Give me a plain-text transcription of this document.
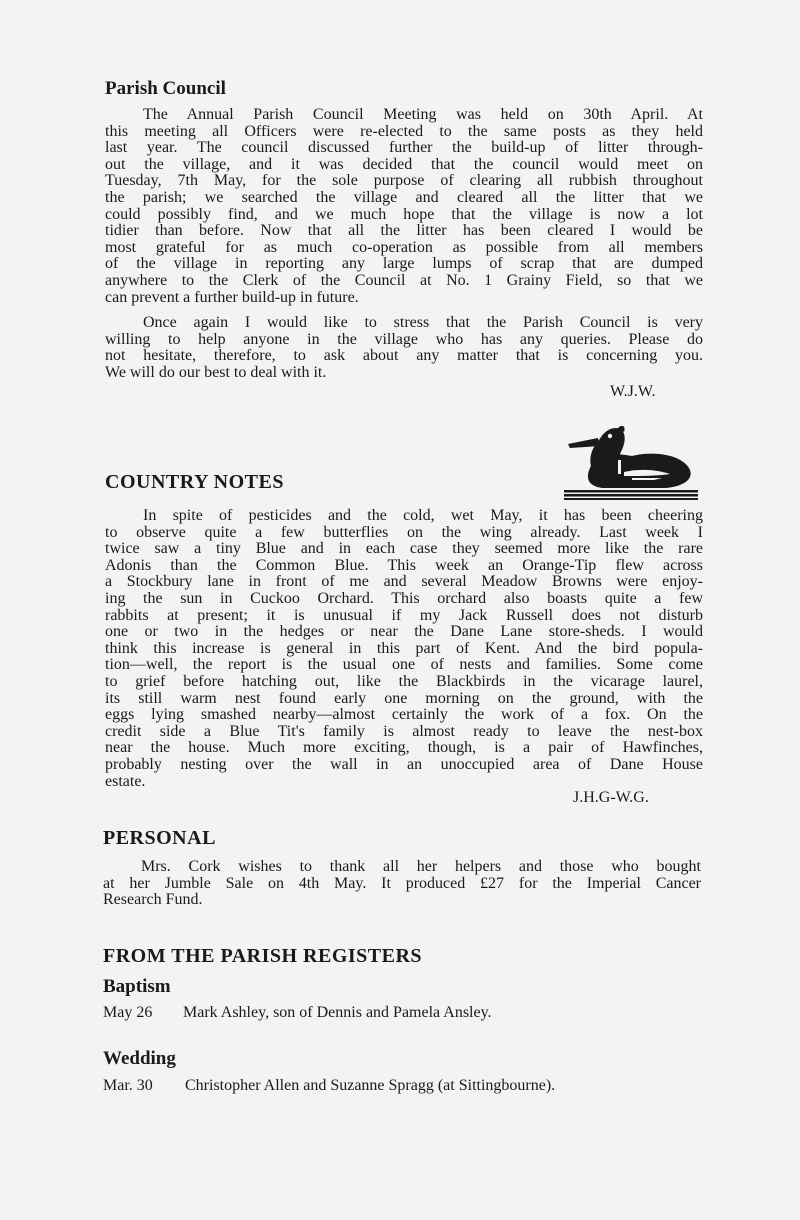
Parish Council
The Annual Parish Council Meeting was held on 30th April. At
this meeting all Officers were re-elected to the same posts as they held
last year. The council discussed further the build-up of litter through-
out the village, and it was decided that the council would meet on
Tuesday, 7th May, for the sole purpose of clearing all rubbish throughout
the parish; we searched the village and cleared all the litter that we
could possibly find, and we much hope that the village is now a lot
tidier than before. Now that all the litter has been cleared I would be
most grateful for as much co-operation as possible from all members
of the village in reporting any large lumps of scrap that are dumped
anywhere to the Clerk of the Council at No. 1 Grainy Field, so that we
can prevent a further build-up in future.
Once again I would like to stress that the Parish Council is very
willing to help anyone in the village who has any queries. Please do
not hesitate, therefore, to ask about any matter that is concerning you.
We will do our best to deal with it.

W.J.W.

COUNTRY NOTES
In spite of pesticides and the cold, wet May, it has been cheering
to observe quite a few butterflies on the wing already. Last week I
twice saw a tiny Blue and in each case they seemed more like the rare
Adonis than the Common Blue. This week an Orange-Tip flew across
a Stockbury lane in front of me and several Meadow Browns were enjoy-
ing the sun in Cuckoo Orchard. This orchard also boasts quite a few
rabbits at present; it is unusual if my Jack Russell does not disturb
one or two in the hedges or near the Dane Lane store-sheds. I would
think this increase is general in this part of Kent. And the bird popula-
tion—well, the report is the usual one of nests and families. Some come
to grief before hatching out, like the Blackbirds in the vicarage laurel,
its still warm nest found early one morning on the ground, with the
eggs lying smashed nearby—almost certainly the work of a fox. On the
credit side a Blue Tit's family is almost ready to leave the nest-box
near the house. Much more exciting, though, is a pair of Hawfinches,
probably nesting over the wall in an unoccupied area of Dane House
estate.

J.H.G-W.G.

PERSONAL
Mrs. Cork wishes to thank all her helpers and those who bought
at her Jumble Sale on 4th May. It produced £27 for the Imperial Cancer
Research Fund.
FROM THE PARISH REGISTERS
Baptism

May 26 Mark Ashley, son of Dennis and Pamela Ansley.

Wedding

Mar. 30 Christopher Allen and Suzanne Spragg (at Sittingbourne).
